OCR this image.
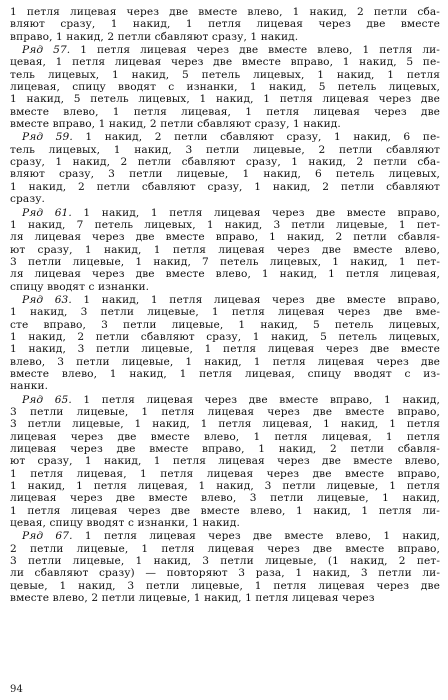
1 петля лицевая через две вместе влево, 1 накид, 2 петли сба-
вляют сразу, 1 накид, 1 петля лицевая через две вместе
вправо, 1 накид, 2 петли сбавляют сразу, 1 накид.
Ряд 57. 1 петля лицевая через две вместе влево, 1 петля ли-
цевая, 1 петля лицевая через две вместе вправо, 1 накид, 5 пе-
тель лицевых, 1 накид, 5 петель лицевых, 1 накид, 1 петля
лицевая, спицу вводят с изнанки, 1 накид, 5 петель лицевых,
1 накид, 5 петель лицевых, 1 накид, 1 петля лицевая через две
вместе влево, 1 петля лицевая, 1 петля лицевая через две
вместе вправо, 1 накид, 2 петли сбавляют сразу, 1 накид.
Ряд 59. 1 накид, 2 петли сбавляют сразу, 1 накид, 6 пе-
тель лицевых, 1 накид, 3 петли лицевые, 2 петли сбавляют
сразу, 1 накид, 2 петли сбавляют сразу, 1 накид, 2 петли сба-
вляют сразу, 3 петли лицевые, 1 накид, 6 петель лицевых,
1 накид, 2 петли сбавляют сразу, 1 накид, 2 петли сбавляют
сразу.
Ряд 61. 1 накид, 1 петля лицевая через две вместе вправо,
1 накид, 7 петель лицевых, 1 накид, 3 петли лицевые, 1 пет-
ля лицевая через две вместе вправо, 1 накид, 2 петли сбавля-
ют сразу, 1 накид, 1 петля лицевая через две вместе влево,
3 петли лицевые, 1 накид, 7 петель лицевых, 1 накид, 1 пет-
ля лицевая через две вместе влево, 1 накид, 1 петля лицевая,
спицу вводят с изнанки.
Ряд 63. 1 накид, 1 петля лицевая через две вместе вправо,
1 накид, 3 петли лицевые, 1 петля лицевая через две вме-
сте вправо, 3 петли лицевые, 1 накид, 5 петель лицевых,
1 накид, 2 петли сбавляют сразу, 1 накид, 5 петель лицевых,
1 накид, 3 петли лицевые, 1 петля лицевая через две вместе
влево, 3 петли лицевые, 1 накид, 1 петля лицевая через две
вместе влево, 1 накид, 1 петля лицевая, спицу вводят с из-
нанки.
Ряд 65. 1 петля лицевая через две вместе вправо, 1 накид,
3 петли лицевые, 1 петля лицевая через две вместе вправо,
3 петли лицевые, 1 накид, 1 петля лицевая, 1 накид, 1 петля
лицевая через две вместе влево, 1 петля лицевая, 1 петля
лицевая через две вместе вправо, 1 накид, 2 петли сбавля-
ют сразу, 1 накид, 1 петля лицевая через две вместе влево,
1 петля лицевая, 1 петля лицевая через две вместе вправо,
1 накид, 1 петля лицевая, 1 накид, 3 петли лицевые, 1 петля
лицевая через две вместе влево, 3 петли лицевые, 1 накид,
1 петля лицевая через две вместе влево, 1 накид, 1 петля ли-
цевая, спицу вводят с изнанки, 1 накид.
Ряд 67. 1 петля лицевая через две вместе влево, 1 накид,
2 петли лицевые, 1 петля лицевая через две вместе вправо,
3 петли лицевые, 1 накид, 3 петли лицевые, (1 накид, 2 пет-
ли сбавляют сразу) — повторяют 3 раза, 1 накид, 3 петли ли-
цевые, 1 накид, 3 петли лицевые, 1 петля лицевая через две
вместе влево, 2 петли лицевые, 1 накид, 1 петля лицевая через
94
